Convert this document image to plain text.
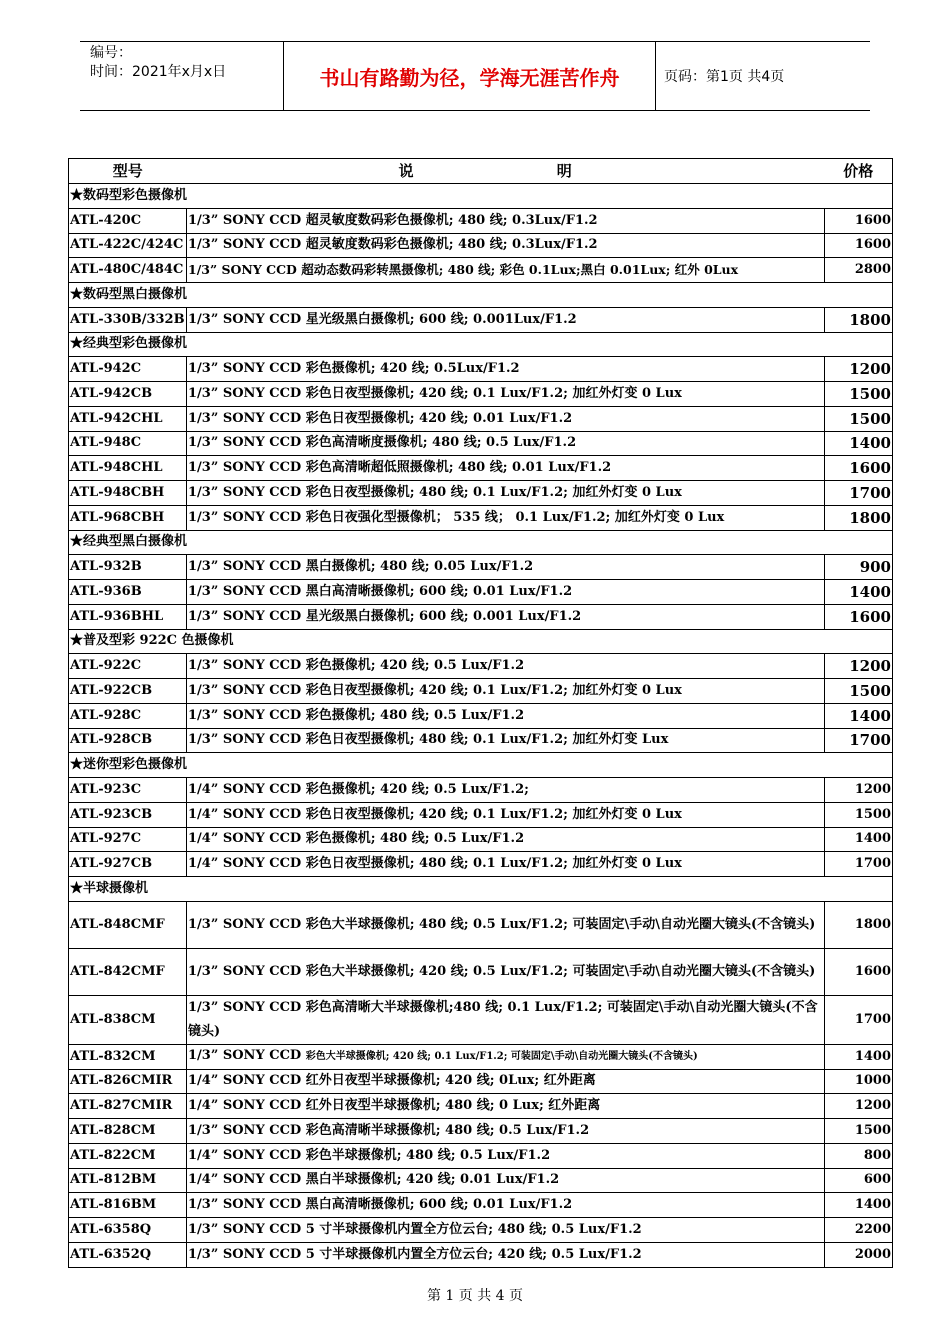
编号：
时间：2021年x月x日	书山有路勤为径，学海无涯苦作舟	页码：第1页 共4页
型号	说 明	价格
★数码型彩色摄像机		
ATL-420C	1/3” SONY CCD 超灵敏度数码彩色摄像机; 480 线; 0.3Lux/F1.2	1600
ATL-422C/424C	1/3” SONY CCD 超灵敏度数码彩色摄像机; 480 线; 0.3Lux/F1.2	1600
ATL-480C/484C	1/3” SONY CCD 超动态数码彩转黑摄像机; 480 线; 彩色 0.1Lux;黑白 0.01Lux; 红外 0Lux	2800
★数码型黑白摄像机		
ATL-330B/332B	1/3” SONY CCD 星光级黑白摄像机; 600 线; 0.001Lux/F1.2	1800
★经典型彩色摄像机		
ATL-942C	1/3” SONY CCD 彩色摄像机; 420 线; 0.5Lux/F1.2	1200
ATL-942CB	1/3” SONY CCD 彩色日夜型摄像机; 420 线; 0.1 Lux/F1.2; 加红外灯变 0 Lux	1500
ATL-942CHL	1/3” SONY CCD 彩色日夜型摄像机; 420 线; 0.01 Lux/F1.2	1500
ATL-948C	1/3” SONY CCD 彩色高清晰度摄像机; 480 线; 0.5 Lux/F1.2	1400
ATL-948CHL	1/3” SONY CCD 彩色高清晰超低照摄像机; 480 线; 0.01 Lux/F1.2	1600
ATL-948CBH	1/3” SONY CCD 彩色日夜型摄像机; 480 线; 0.1 Lux/F1.2; 加红外灯变 0 Lux	1700
ATL-968CBH	1/3” SONY CCD 彩色日夜强化型摄像机； 535 线； 0.1 Lux/F1.2; 加红外灯变 0 Lux	1800
★经典型黑白摄像机		
ATL-932B	1/3” SONY CCD 黑白摄像机; 480 线; 0.05 Lux/F1.2	900
ATL-936B	1/3” SONY CCD 黑白高清晰摄像机; 600 线; 0.01 Lux/F1.2	1400
ATL-936BHL	1/3” SONY CCD 星光级黑白摄像机; 600 线; 0.001 Lux/F1.2	1600
★普及型彩 922C 色摄像机		
ATL-922C	1/3” SONY CCD 彩色摄像机; 420 线; 0.5 Lux/F1.2	1200
ATL-922CB	1/3” SONY CCD 彩色日夜型摄像机; 420 线; 0.1 Lux/F1.2; 加红外灯变 0 Lux	1500
ATL-928C	1/3” SONY CCD 彩色摄像机; 480 线; 0.5 Lux/F1.2	1400
ATL-928CB	1/3” SONY CCD 彩色日夜型摄像机; 480 线; 0.1 Lux/F1.2; 加红外灯变 Lux	1700
★迷你型彩色摄像机		
ATL-923C	1/4” SONY CCD 彩色摄像机; 420 线; 0.5 Lux/F1.2;	1200
ATL-923CB	1/4” SONY CCD 彩色日夜型摄像机; 420 线; 0.1 Lux/F1.2; 加红外灯变 0 Lux	1500
ATL-927C	1/4” SONY CCD 彩色摄像机; 480 线; 0.5 Lux/F1.2	1400
ATL-927CB	1/4” SONY CCD 彩色日夜型摄像机; 480 线; 0.1 Lux/F1.2; 加红外灯变 0 Lux	1700
★半球摄像机		
ATL-848CMF	1/3” SONY CCD 彩色大半球摄像机; 480 线; 0.5 Lux/F1.2; 可装固定\手动\自动光圈大镜头(不含镜头)	1800
ATL-842CMF	1/3” SONY CCD 彩色大半球摄像机; 420 线; 0.5 Lux/F1.2; 可装固定\手动\自动光圈大镜头(不含镜头)	1600
ATL-838CM	1/3” SONY CCD 彩色高清晰大半球摄像机;480 线; 0.1 Lux/F1.2; 可装固定\手动\自动光圈大镜头(不含镜头)	1700
ATL-832CM	1/3” SONY CCD 彩色大半球摄像机; 420 线; 0.1 Lux/F1.2; 可装固定\手动\自动光圈大镜头(不含镜头)	1400
ATL-826CMIR	1/4” SONY CCD 红外日夜型半球摄像机; 420 线; 0Lux; 红外距离	1000
ATL-827CMIR	1/4” SONY CCD 红外日夜型半球摄像机; 480 线; 0 Lux; 红外距离	1200
ATL-828CM	1/3” SONY CCD 彩色高清晰半球摄像机; 480 线; 0.5 Lux/F1.2	1500
ATL-822CM	1/4” SONY CCD 彩色半球摄像机; 480 线; 0.5 Lux/F1.2	800
ATL-812BM	1/4” SONY CCD 黑白半球摄像机; 420 线; 0.01 Lux/F1.2	600
ATL-816BM	1/3” SONY CCD 黑白高清晰摄像机; 600 线; 0.01 Lux/F1.2	1400
ATL-6358Q	1/3” SONY CCD 5 寸半球摄像机内置全方位云台; 480 线; 0.5 Lux/F1.2	2200
ATL-6352Q	1/3” SONY CCD 5 寸半球摄像机内置全方位云台; 420 线; 0.5 Lux/F1.2	2000
第 1 页 共 4 页
